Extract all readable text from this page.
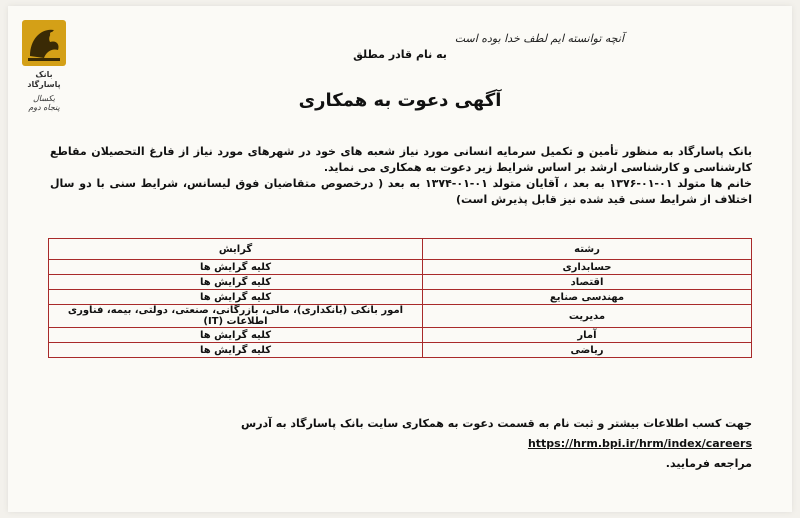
بانک پاسارگاد
یکسال پنجاه دوم
آنچه توانسته ایم لطف خدا بوده است
به نام قادر مطلق
آگهی دعوت به همکاری

بانک پاسارگاد به منظور تأمین و تکمیل سرمایه انسانی مورد نیاز شعبه های خود در شهرهای مورد نیاز از فارغ التحصیلان مقاطع کارشناسی و کارشناسی ارشد بر اساس شرایط زیر دعوت به همکاری می نماید.

خانم ها متولد ۱۳۷۶-۰۱-۰۱ به بعد ، آقایان متولد ۱۳۷۴-۰۱-۰۱ به بعد ( درخصوص متقاضیان فوق لیسانس، شرایط سنی با دو سال اختلاف از شرایط سنی قید شده نیز قابل پذیرش است)

رشته	گرایش
حسابداری	کلیه گرایش ها
اقتصاد	کلیه گرایش ها
مهندسی صنایع	کلیه گرایش ها
مدیریت	امور بانکی (بانکداری)، مالی، بازرگانی، صنعتی، دولتی، بیمه، فناوری اطلاعات (IT)
آمار	کلیه گرایش ها
ریاضی	کلیه گرایش ها

جهت کسب اطلاعات بیشتر و ثبت نام به قسمت دعوت به همکاری سایت بانک پاسارگاد به آدرس https://hrm.bpi.ir/hrm/index/careers

مراجعه فرمایید.
